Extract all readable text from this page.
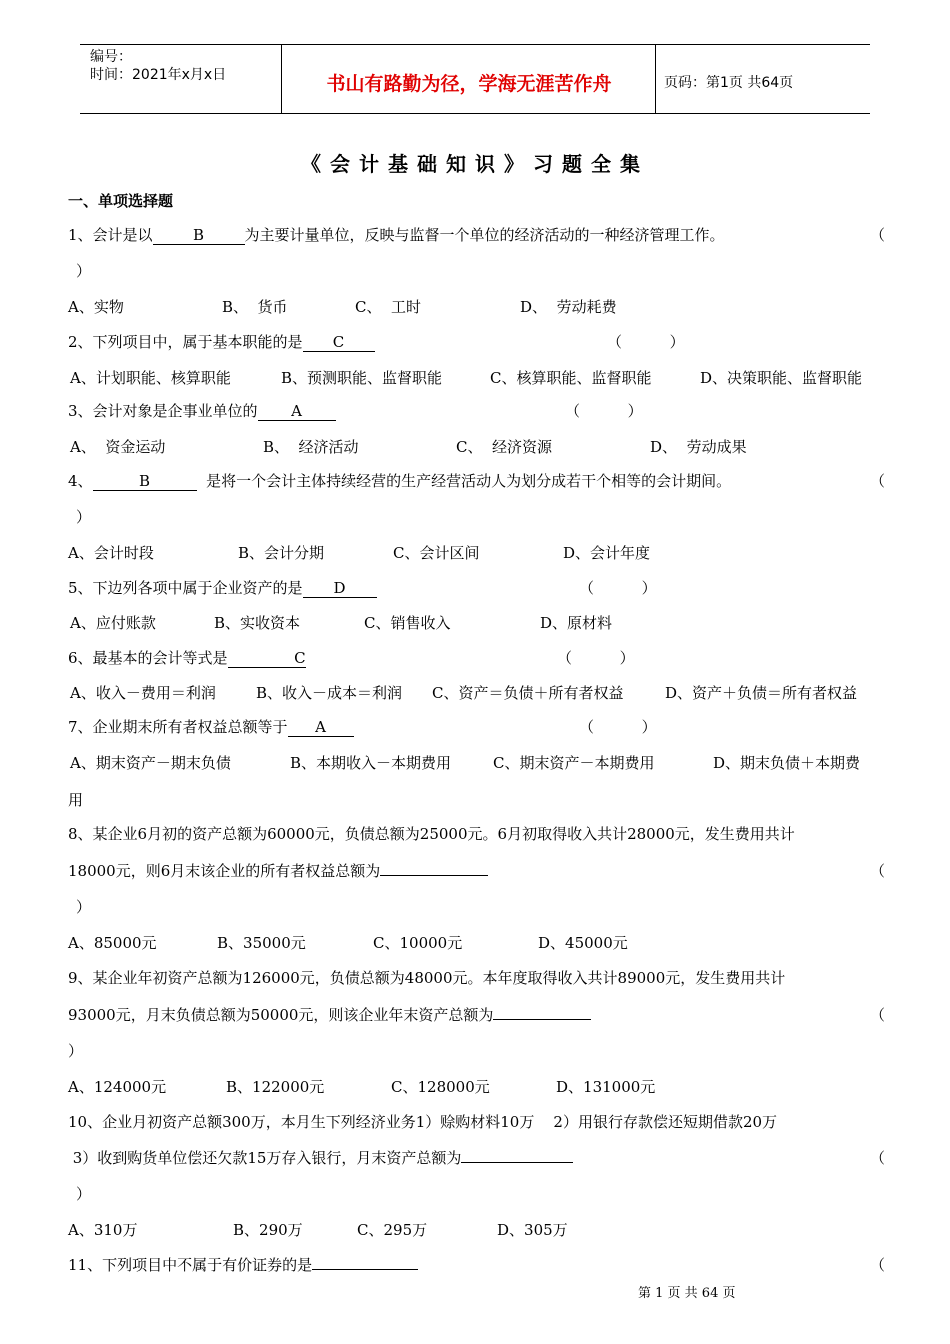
编号：
时间：2021年x月x日	书山有路勤为径，学海无涯苦作舟	页码：第1页 共64页
《会计基础知识》习题全集
一、单项选择题
1、会计是以	B	为主要计量单位，反映与监督一个单位的经济活动的一种经济管理工作。	（
）
A、实物	B、  货币	C、  工时	D、  劳动耗费
2、下列项目中，属于基本职能的是 C	（          ）
A、计划职能、核算职能	B、预测职能、监督职能	C、核算职能、监督职能	D、决策职能、监督职能
3、会计对象是企事业单位的 A	（          ）
A、  资金运动	B、  经济活动	C、  经济资源	D、  劳动成果
4、	B	是将一个会计主体持续经营的生产经营活动人为划分成若干个相等的会计期间。	（
）
A、会计时段	B、会计分期	C、会计区间	D、会计年度
5、下边列各项中属于企业资产的是 D	（          ）
A、应付账款	B、实收资本	C、销售收入	D、原材料
6、最基本的会计等式是	C	（          ）
A、收入－费用＝利润	B、收入－成本＝利润 C、资产＝负债＋所有者权益	D、资产＋负债＝所有者权益
7、企业期末所有者权益总额等于 A	（          ）
A、期末资产－期末负债	B、本期收入－本期费用	C、期末资产－本期费用	D、期末负债＋本期费
用
8、某企业6月初的资产总额为60000元，负债总额为25000元。6月初取得收入共计28000元，发生费用共计
18000元，则6月末该企业的所有者权益总额为	（
）
A、85000元	B、35000元	C、10000元	D、45000元
9、某企业年初资产总额为126000元，负债总额为48000元。本年度取得收入共计89000元，发生费用共计
93000元，月末负债总额为50000元，则该企业年末资产总额为	（
）
A、124000元	B、122000元	C、128000元	D、131000元
10、企业月初资产总额300万，本月生下列经济业务1）赊购材料10万    2）用银行存款偿还短期借款20万
3）收到购货单位偿还欠款15万存入银行，月末资产总额为	（
）
A、310万	B、290万	C、295万	D、305万
11、下列项目中不属于有价证券的是	（
第 1 页 共 64 页
